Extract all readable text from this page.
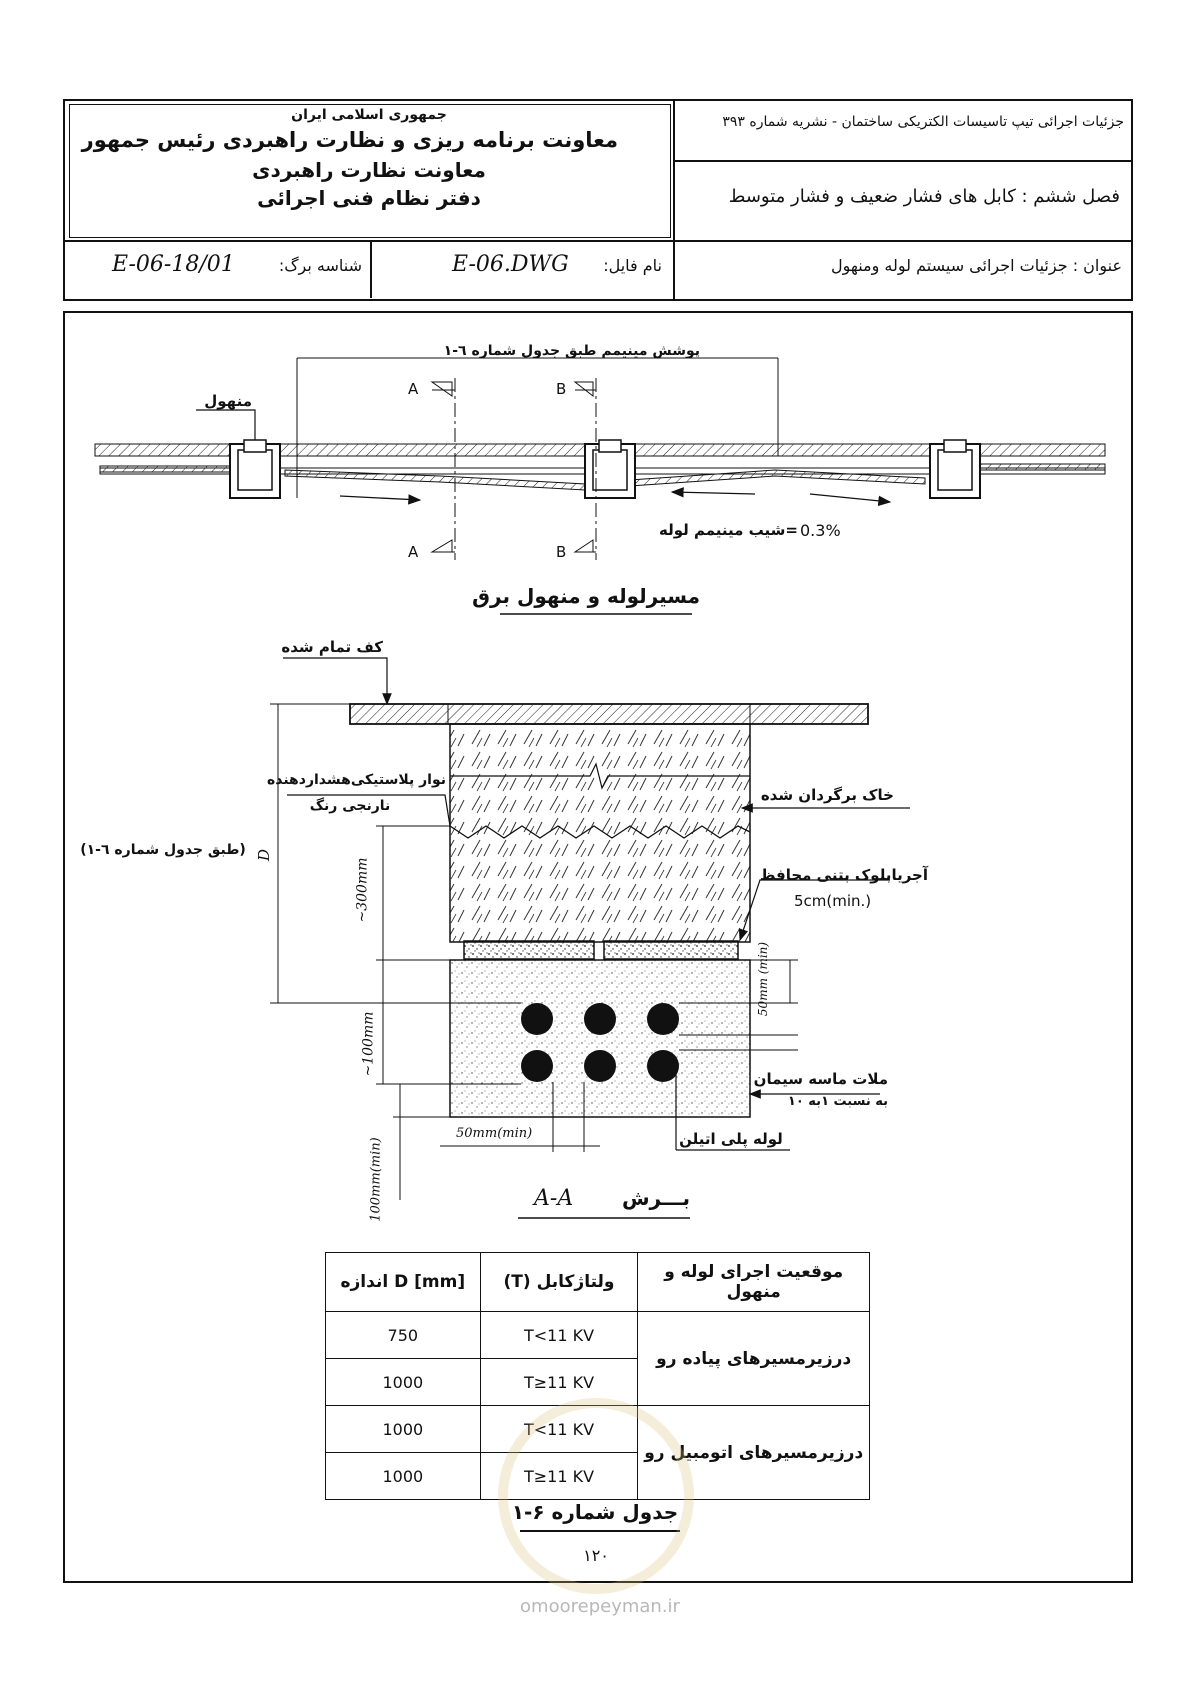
جمهوری اسلامی ایران
معاونت برنامه ریزی و نظارت راهبردی رئیس جمهور
معاونت نظارت راهبردی
دفتر نظام فنی اجرائی
جزئیات اجرائی تیپ تاسیسات الکتریکی ساختمان - نشریه شماره ۳۹۳
فصل ششم : کابل های فشار ضعیف و فشار متوسط
E-06-18/01	شناسه برگ:	E-06.DWG	نام فایل:	عنوان : جزئیات اجرائی سیستم لوله ومنهول
پوشش مینیمم طبق جدول شماره ٦-١
منهول
A
A
B
B
0.3%
=شیب مینیمم لوله
مسیرلوله و منهول برق
کف تمام شده
نوار پلاستیکی‌هشدار‌دهنده
نارنجی رنگ
خاک برگردان شده
(طبق جدول شماره ٦-١) D
~300mm	آجریابلوک بتنی محافظ
5cm(min.)
50mm (min)
~100mm
ملات ماسه سیمان
به نسبت ١به ١٠
50mm(min)	لوله پلی اتیلن
100mm(min)	بـــرش
A-A
[mm] D اندازه	ولتاژکابل (T)	موقعیت اجرای لوله و منهول
750	T<11 KV	درزیرمسیرهای پیاده رو
1000	T≥11 KV	
1000	T<11 KV	درزیرمسیرهای اتومبیل رو
1000	T≥11 KV	
جدول شماره ۶-١
١٢٠
omoorepeyman.ir
